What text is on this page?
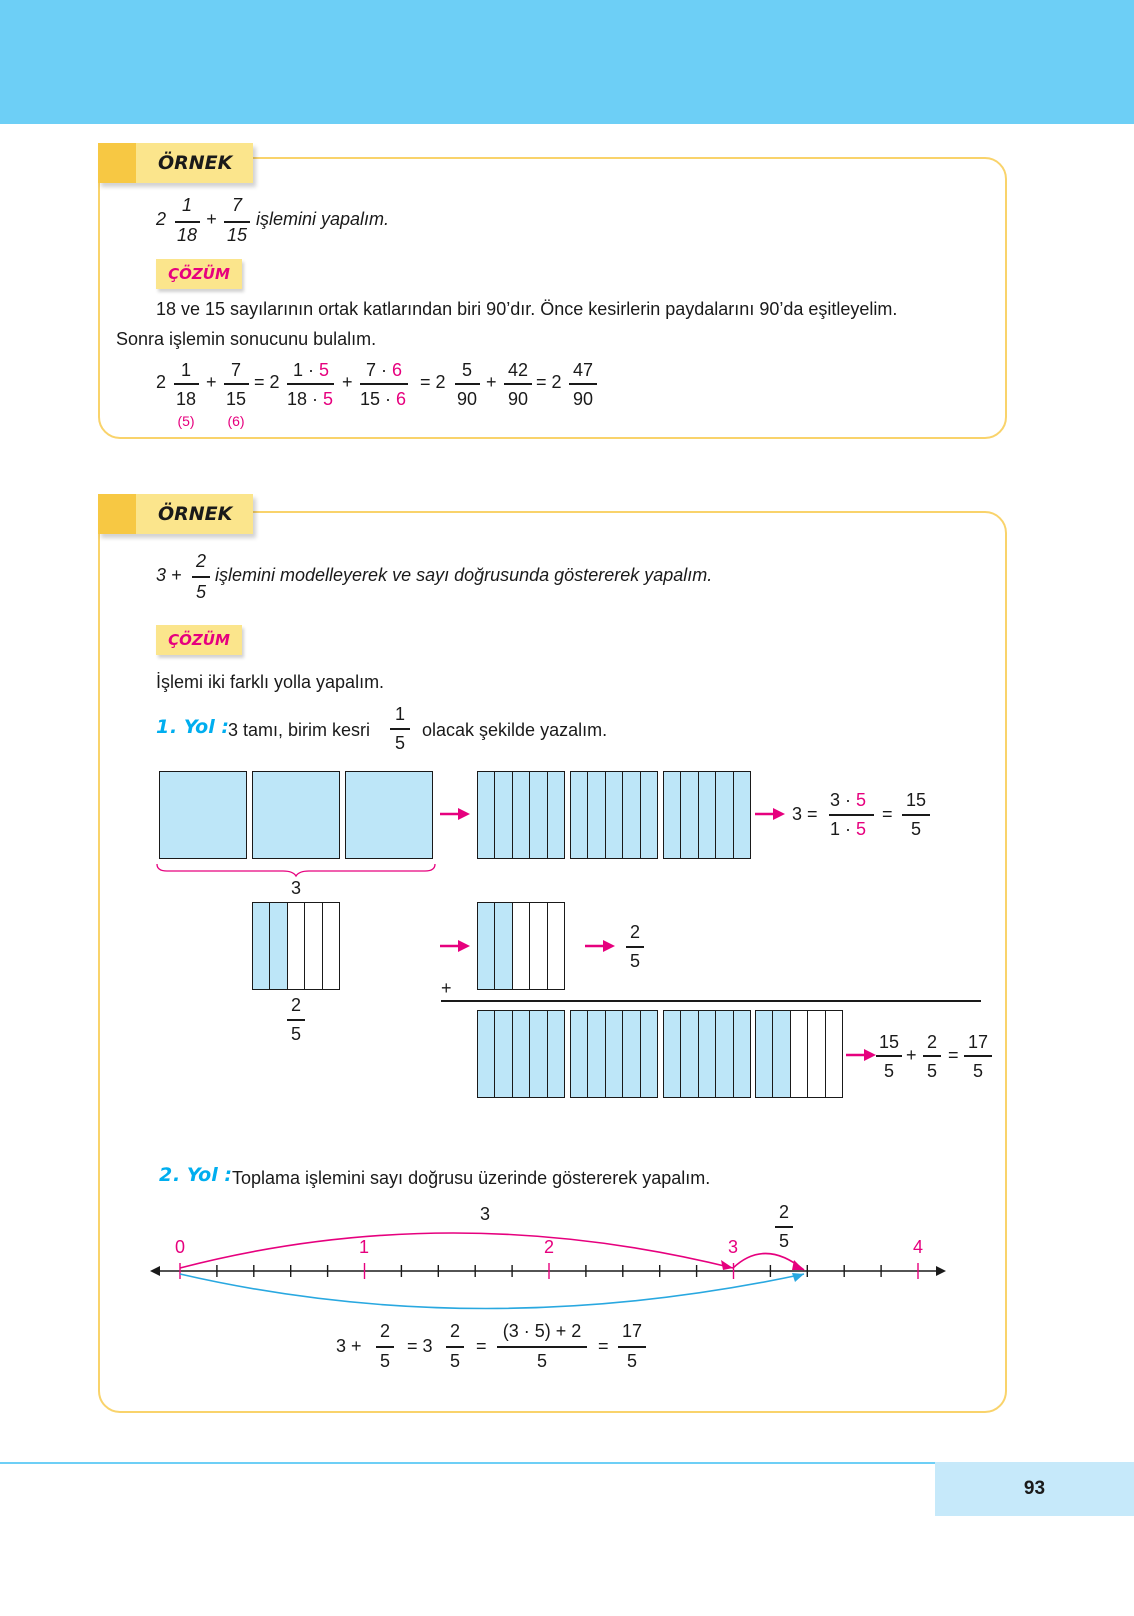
ÖRNEK
2
1
18
+
7
15
işlemini yapalım.
ÇÖZÜM
18 ve 15 sayılarının ortak katlarından biri 90’dır. Önce kesirlerin paydalarını 90’da eşitleyelim.
Sonra işlemin sonucunu bulalım.
2
1
18
(5)
+
7
15
(6)
= 2
1 · 5
18 · 5
+
7 · 6
15 · 6
= 2
5
90
+
42
90
= 2
47
90
ÖRNEK
3 +
2
5
işlemini modelleyerek ve sayı doğrusunda göstererek yapalım.
ÇÖZÜM
İşlemi iki farklı yolla yapalım.
1 . Yol : 3 tamı, birim kesri
1
5
olacak şekilde yazalım.
3
3 =
3 · 5
1 · 5
=
15
5
2
5
2
5
+
15
5
+
2
5
=
17
5
2 . Yol : Toplama işlemini sayı doğrusu üzerinde göstererek yapalım.
0	1	2	3	4
3	2
5
3 +
2
5
= 3
2
5
=
(3 · 5) + 2
5
=
17
5
93
